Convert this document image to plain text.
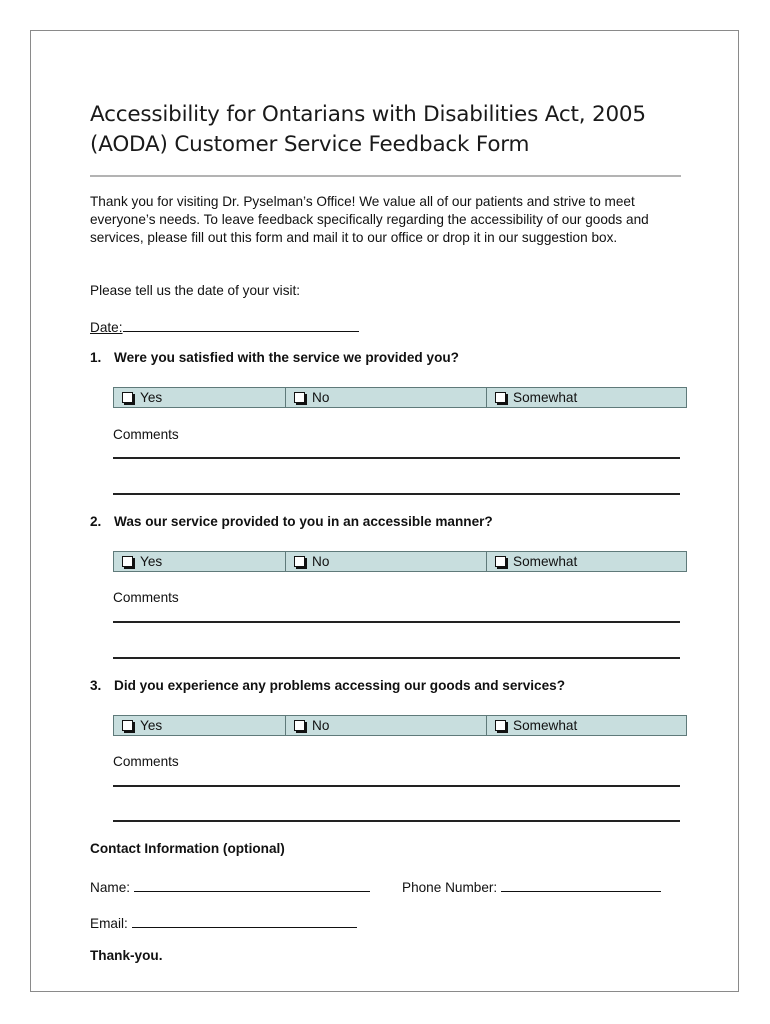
Accessibility for Ontarians with Disabilities Act, 2005
(AODA) Customer Service Feedback Form

Thank you for visiting Dr. Pyselman’s Office! We value all of our patients and strive to meet everyone’s needs. To leave feedback specifically regarding the accessibility of our goods and services, please fill out this form and mail it to our office or drop it in our suggestion box.

Please tell us the date of your visit:

Date:

1. Were you satisfied with the service we provided you?

Yes	No	Somewhat

Comments

2. Was our service provided to you in an accessible manner?

Yes	No	Somewhat

Comments

3. Did you experience any problems accessing our goods and services?

Yes	No	Somewhat

Comments

Contact Information (optional)

Name:	Phone Number:
Email:

Thank-you.
